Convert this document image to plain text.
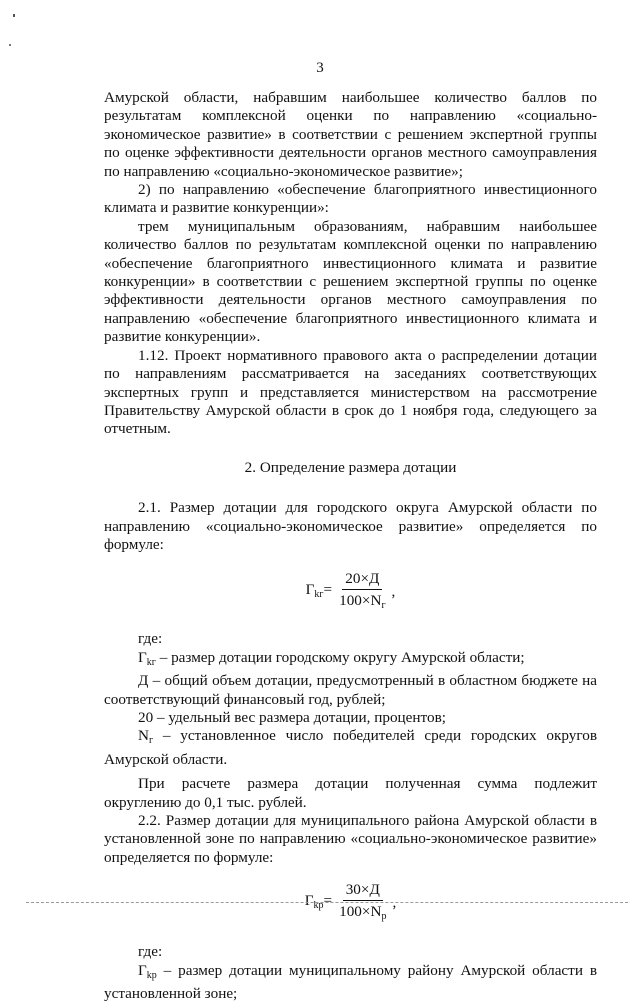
3

Амурской области, набравшим наибольшее количество баллов по результатам комплексной оценки по направлению «социально-экономическое развитие» в соответствии с решением экспертной группы по оценке эффективности деятельности органов местного самоуправления по направлению «социально-экономическое развитие»;

2) по направлению «обеспечение благоприятного инвестиционного климата и развитие конкуренции»:

трем муниципальным образованиям, набравшим наибольшее количество баллов по результатам комплексной оценки по направлению «обеспечение благоприятного инвестиционного климата и развитие конкуренции» в соответствии с решением экспертной группы по оценке эффективности деятельности органов местного самоуправления по направлению «обеспечение благоприятного инвестиционного климата и развитие конкуренции».

1.12. Проект нормативного правового акта о распределении дотации по направлениям рассматривается на заседаниях соответствующих экспертных групп и представляется министерством на рассмотрение Правительству Амурской области в срок до 1 ноября года, следующего за отчетным.

2. Определение размера дотации

2.1. Размер дотации для городского округа Амурской области по направлению «социально-экономическое развитие» определяется по формуле:

$Г_{kг}= \frac{20\times Д}{100\times N_г}$ ,

где:

$Г_{kг}$ – размер дотации городскому округу Амурской области;

Д – общий объем дотации, предусмотренный в областном бюджете на соответствующий финансовый год, рублей;

20 – удельный вес размера дотации, процентов;

$N_г$ – установленное число победителей среди городских округов Амурской области.

При расчете размера дотации полученная сумма подлежит округлению до 0,1 тыс. рублей.

2.2. Размер дотации для муниципального района Амурской области в установленной зоне по направлению «социально-экономическое развитие» определяется по формуле:

$Г_{kр}= \frac{30\times Д}{100\times N_р}$ ,

где:

$Г_{kр}$ – размер дотации муниципальному району Амурской области в установленной зоне;
